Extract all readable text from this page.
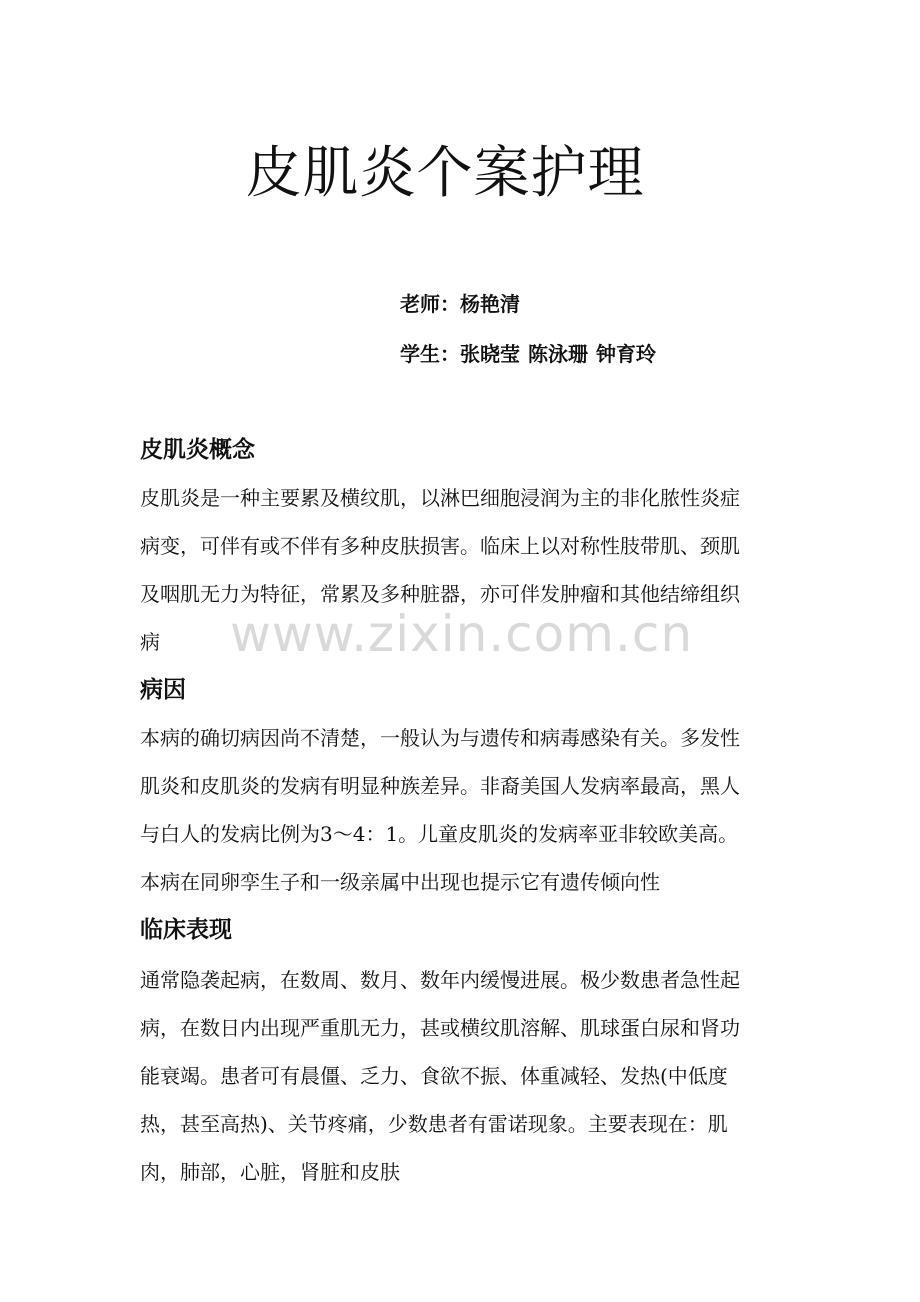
皮肌炎个案护理
老师：杨艳清
学生：张晓莹 陈泳珊 钟育玲
皮肌炎概念
皮肌炎是一种主要累及横纹肌，以淋巴细胞浸润为主的非化脓性炎症
病变，可伴有或不伴有多种皮肤损害。临床上以对称性肢带肌、颈肌
及咽肌无力为特征，常累及多种脏器，亦可伴发肿瘤和其他结缔组织
病
病因
本病的确切病因尚不清楚，一般认为与遗传和病毒感染有关。多发性
肌炎和皮肌炎的发病有明显种族差异。非裔美国人发病率最高，黑人
与白人的发病比例为3～4：1。儿童皮肌炎的发病率亚非较欧美高。
本病在同卵孪生子和一级亲属中出现也提示它有遗传倾向性
临床表现
通常隐袭起病，在数周、数月、数年内缓慢进展。极少数患者急性起
病，在数日内出现严重肌无力，甚或横纹肌溶解、肌球蛋白尿和肾功
能衰竭。患者可有晨僵、乏力、食欲不振、体重减轻、发热(中低度
热，甚至高热)、关节疼痛，少数患者有雷诺现象。主要表现在：肌
肉，肺部，心脏，肾脏和皮肤
www.zixin.com.cn
